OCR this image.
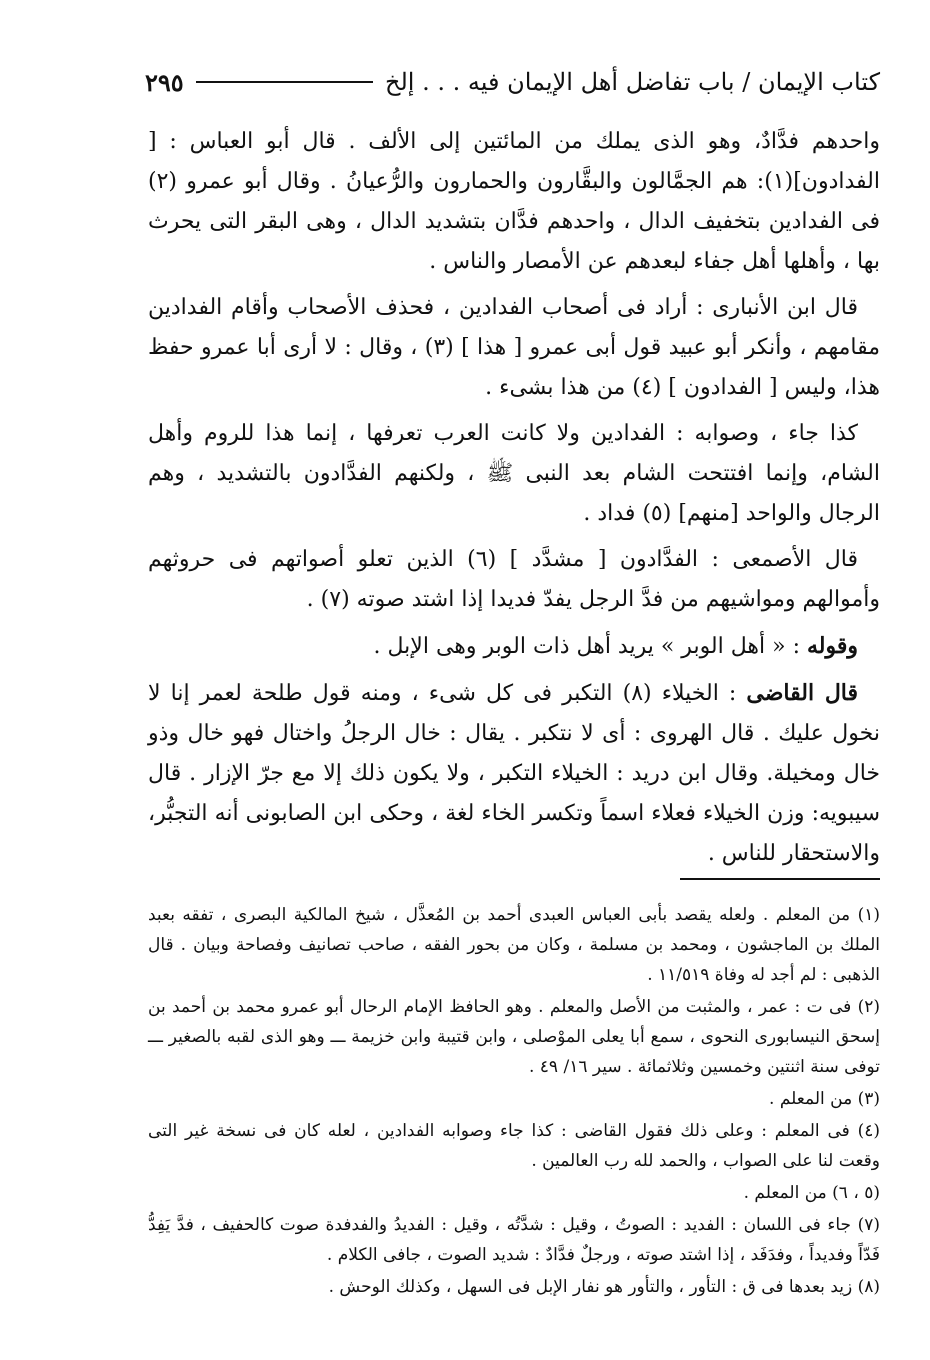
كتاب الإيمان / باب تفاضل أهل الإيمان فيه . . . إلخ
٢٩٥

واحدهم فدَّادٌ، وهو الذى يملك من المائتين إلى الألف . قال أبو العباس : [ الفدادون](١): هم الجمَّالون والبقَّارون والحمارون والرُّعيانُ . وقال أبو عمرو (٢) فى الفدادين بتخفيف الدال ، واحدهم فدَّان بتشديد الدال ، وهى البقر التى يحرث بها ، وأهلها أهل جفاء لبعدهم عن الأمصار والناس .

قال ابن الأنبارى : أراد فى أصحاب الفدادين ، فحذف الأصحاب وأقام الفدادين مقامهم ، وأنكر أبو عبيد قول أبى عمرو [ هذا ] (٣) ، وقال : لا أرى أبا عمرو حفظ هذا، وليس [ الفدادون ] (٤) من هذا بشىء .

كذا جاء ، وصوابه : الفدادين ولا كانت العرب تعرفها ، إنما هذا للروم وأهل الشام، وإنما افتتحت الشام بعد النبى ﷺ ، ولكنهم الفدَّادون بالتشديد ، وهم الرجال والواحد [منهم] (٥) فداد .

قال الأصمعى : الفدَّادون [ مشدَّد ] (٦) الذين تعلو أصواتهم فى حروثهم وأموالهم ومواشيهم من فدَّ الرجل يفدّ فديدا إذا اشتد صوته (٧) .

وقوله : « أهل الوبر » يريد أهل ذات الوبر وهى الإبل .

قال القاضى : الخيلاء (٨) التكبر فى كل شىء ، ومنه قول طلحة لعمر إنا لا نخول عليك . قال الهروى : أى لا نتكبر . يقال : خال الرجلُ واختال فهو خال وذو خال ومخيلة. وقال ابن دريد : الخيلاء التكبر ، ولا يكون ذلك إلا مع جرّ الإزار . قال سيبويه: وزن الخيلاء فعلاء اسماً وتكسر الخاء لغة ، وحكى ابن الصابونى أنه التجبُّر، والاستحقار للناس .

(١) من المعلم . ولعله يقصد بأبى العباس العبدى أحمد بن المُعذَّل ، شيخ المالكية البصرى ، تفقه بعبد الملك بن الماجشون ، ومحمد بن مسلمة ، وكان من بحور الفقه ، صاحب تصانيف وفصاحة وبيان . قال الذهبى : لم أجد له وفاة ١١/٥١٩ .
(٢) فى ت : عمر ، والمثبت من الأصل والمعلم . وهو الحافظ الإمام الرحال أبو عمرو محمد بن أحمد بن إسحق النيسابورى النحوى ، سمع أبا يعلى الموْصلى ، وابن قتيبة وابن خزيمة ـــ وهو الذى لقبه بالصغير ـــ توفى سنة اثنتين وخمسين وثلاثمائة . سير ١٦/ ٤٩ .
(٣) من المعلم .
(٤) فى المعلم : وعلى ذلك فقول القاضى : كذا جاء وصوابه الفدادين ، لعله كان فى نسخة غير التى وقعت لنا على الصواب ، والحمد لله رب العالمين .
(٥ ، ٦) من المعلم .
(٧) جاء فى اللسان : الفديد : الصوتُ ، وقيل : شدَّتُه ، وقيل : الفديدُ والفدفدة صوت كالحفيف ، فدَّ يَفِدُّ فَدّاً وفديداً ، وفدَفَد ، إذا اشتد صوته ، ورجلٌ فدَّادٌ : شديد الصوت ، جافى الكلام .
(٨) زيد بعدها فى ق : التأور ، والتأور هو نفار الإبل فى السهل ، وكذلك الوحش .
